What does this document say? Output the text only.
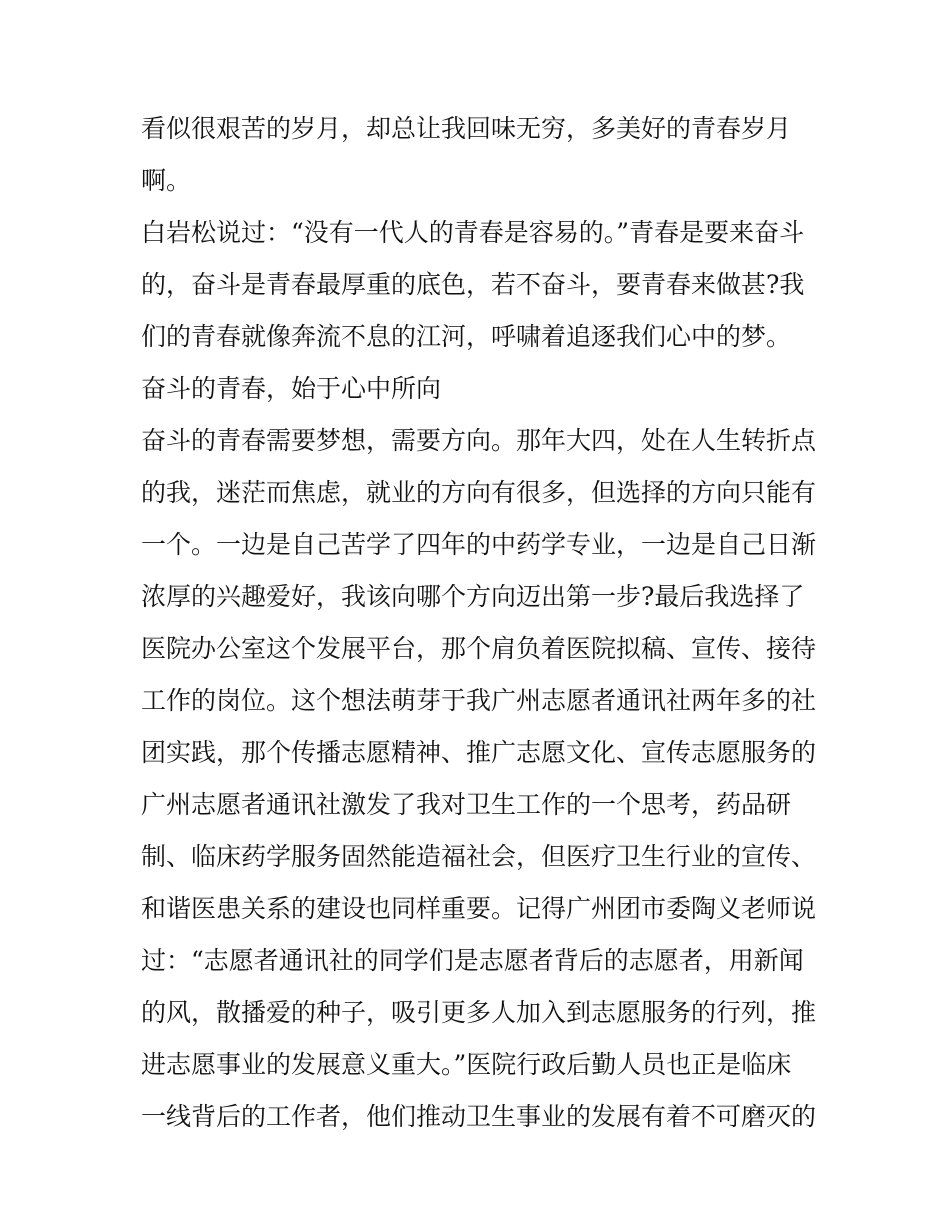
看似很艰苦的岁月，却总让我回味无穷，多美好的青春岁月
啊。
白岩松说过：“没有一代人的青春是容易的。”青春是要来奋斗
的，奋斗是青春最厚重的底色，若不奋斗，要青春来做甚?我
们的青春就像奔流不息的江河，呼啸着追逐我们心中的梦。
奋斗的青春，始于心中所向
奋斗的青春需要梦想，需要方向。那年大四，处在人生转折点
的我，迷茫而焦虑，就业的方向有很多，但选择的方向只能有
一个。一边是自己苦学了四年的中药学专业，一边是自己日渐
浓厚的兴趣爱好，我该向哪个方向迈出第一步?最后我选择了
医院办公室这个发展平台，那个肩负着医院拟稿、宣传、接待
工作的岗位。这个想法萌芽于我广州志愿者通讯社两年多的社
团实践，那个传播志愿精神、推广志愿文化、宣传志愿服务的
广州志愿者通讯社激发了我对卫生工作的一个思考，药品研
制、临床药学服务固然能造福社会，但医疗卫生行业的宣传、
和谐医患关系的建设也同样重要。记得广州团市委陶义老师说
过：“志愿者通讯社的同学们是志愿者背后的志愿者，用新闻
的风，散播爱的种子，吸引更多人加入到志愿服务的行列，推
进志愿事业的发展意义重大。”医院行政后勤人员也正是临床
一线背后的工作者，他们推动卫生事业的发展有着不可磨灭的
